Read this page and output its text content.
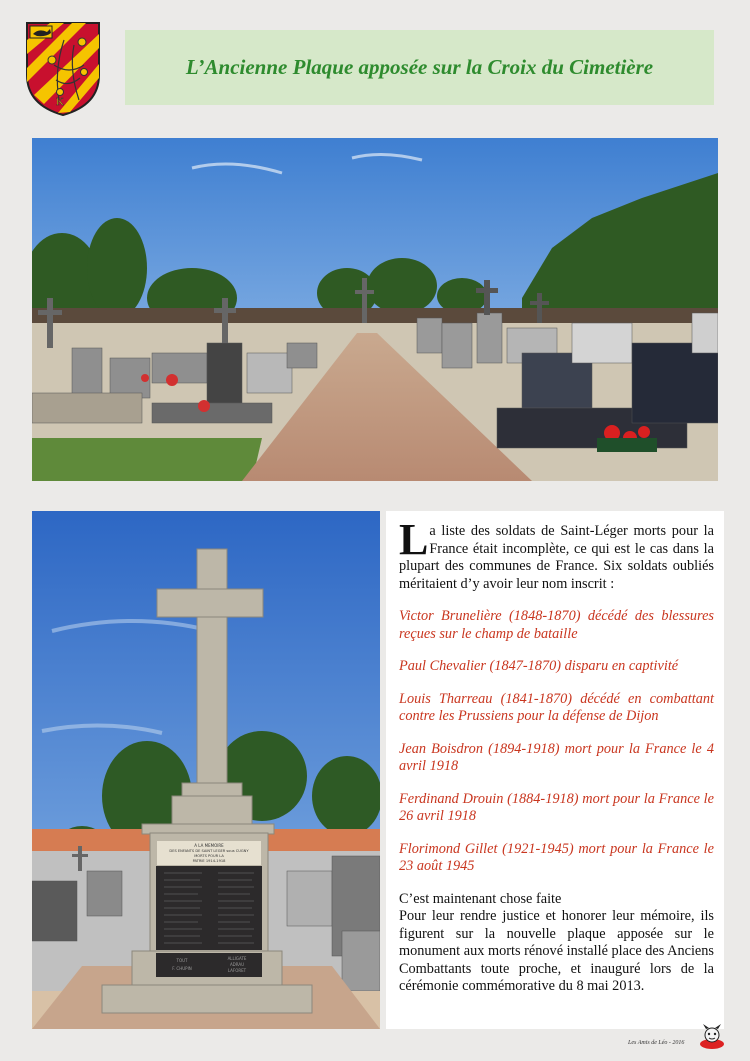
K
L’Ancienne Plaque apposée sur la Croix du Cimetière
A LA MEMOIRE
DES ENFANTS DE SAINT LEGER sous CUGNY
MORTS POUR LA
PATRIE 1914-1918
TOUT
F. CHUPIN
ALLIGATE
ADRAU
LAFORET

La liste des soldats de Saint-Léger morts pour la France était incomplète, ce qui est le cas dans la plupart des communes de France. Six soldats oubliés méritaient d’y avoir leur nom inscrit :

Victor Brunelière (1848-1870) décédé des blessures reçues sur le champ de bataille

Paul Chevalier (1847-1870) disparu en captivité

Louis Tharreau (1841-1870) décédé en combattant contre les Prussiens pour la défense de Dijon

Jean Boisdron (1894-1918) mort pour la France le 4 avril 1918

Ferdinand Drouin (1884-1918) mort pour la France le 26 avril 1918

Florimond Gillet (1921-1945) mort pour la France le 23 août 1945

C’est maintenant chose faite

Pour leur rendre justice et honorer leur mémoire, ils figurent sur la nouvelle plaque apposée sur le monument aux morts rénové installé place des Anciens Combattants toute proche, et inauguré lors de la cérémonie commémorative du 8 mai 2013.

Les Amis de Léo - 2016
